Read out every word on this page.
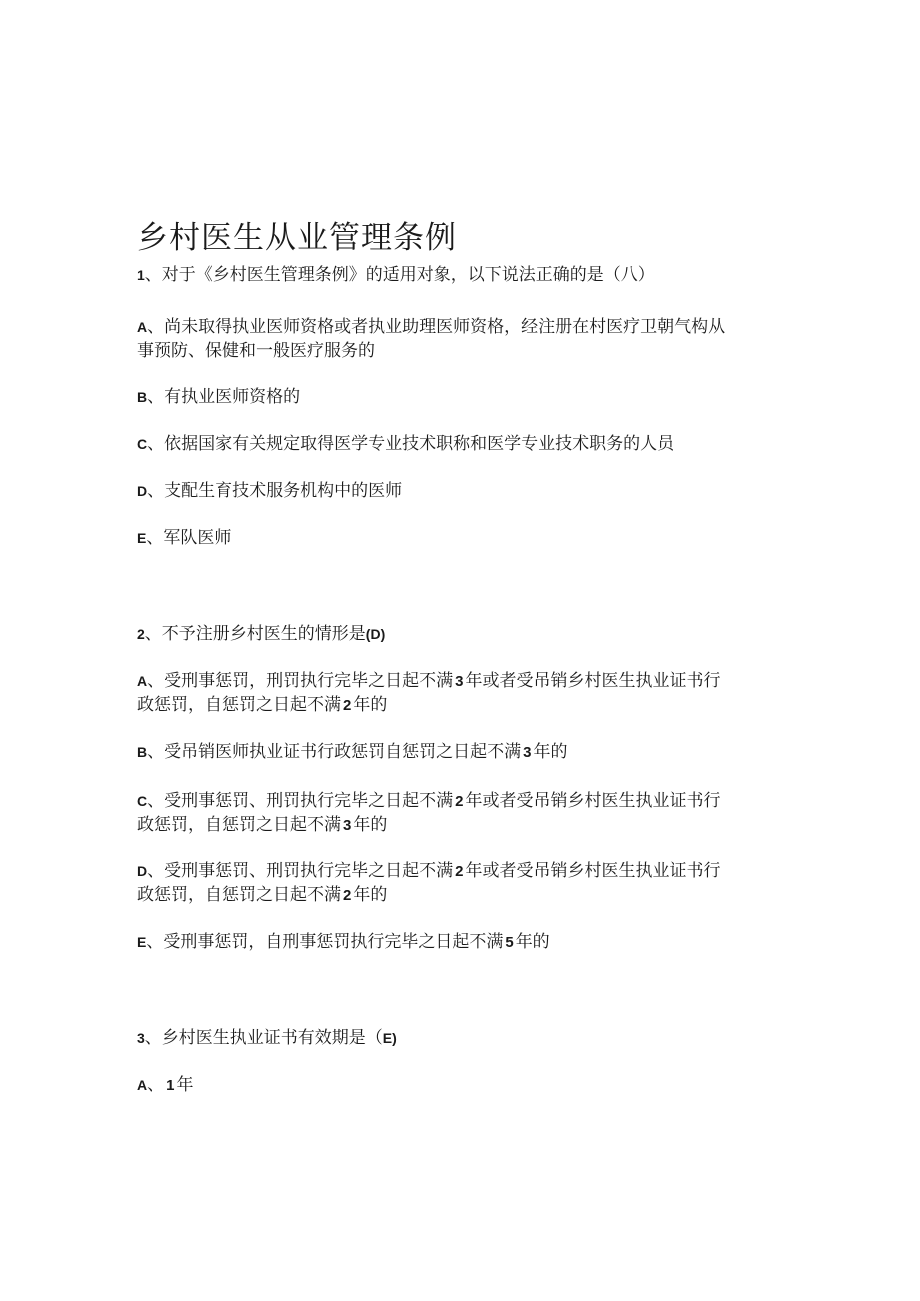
乡村医生从业管理条例
1、对于《乡村医生管理条例》的适用对象，以下说法正确的是（八）
A、尚未取得执业医师资格或者执业助理医师资格，经注册在村医疗卫朝气构从
事预防、保健和一般医疗服务的
B、有执业医师资格的
C、依据国家有关规定取得医学专业技术职称和医学专业技术职务的人员
D、支配生育技术服务机构中的医师
E、军队医师
2、不予注册乡村医生的情形是(D)
A、受刑事惩罚，刑罚执行完毕之日起不满 3 年或者受吊销乡村医生执业证书行
政惩罚，自惩罚之日起不满 2 年的
B、受吊销医师执业证书行政惩罚自惩罚之日起不满 3 年的
C、受刑事惩罚、刑罚执行完毕之日起不满 2 年或者受吊销乡村医生执业证书行
政惩罚，自惩罚之日起不满 3 年的
D、受刑事惩罚、刑罚执行完毕之日起不满 2 年或者受吊销乡村医生执业证书行
政惩罚，自惩罚之日起不满 2 年的
E、受刑事惩罚，自刑事惩罚执行完毕之日起不满 5 年的
3、乡村医生执业证书有效期是（E)
A、 1 年
